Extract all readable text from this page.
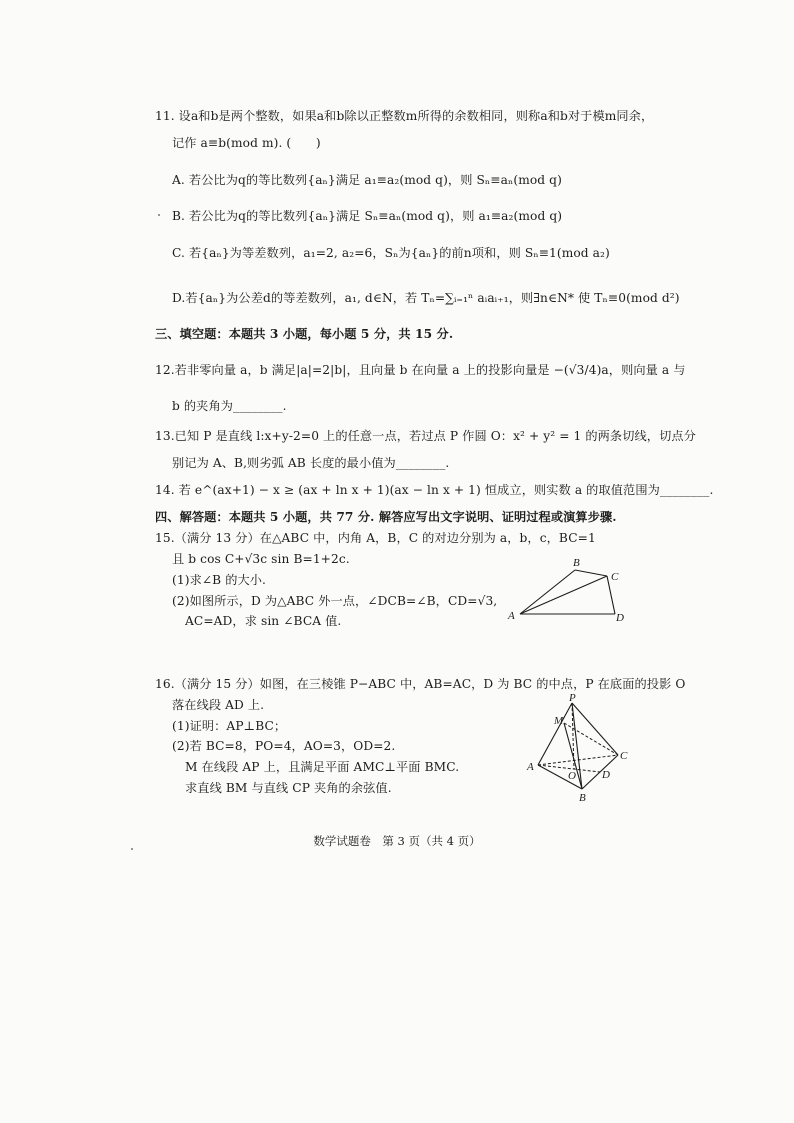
11. 设a和b是两个整数，如果a和b除以正整数m所得的余数相同，则称a和b对于模m同余，
记作 a≡b(mod m). (　　)
A. 若公比为q的等比数列{aₙ}满足 a₁≡a₂(mod q)，则 Sₙ≡aₙ(mod q)
B. 若公比为q的等比数列{aₙ}满足 Sₙ≡aₙ(mod q)，则 a₁≡a₂(mod q)
C. 若{aₙ}为等差数列，a₁=2, a₂=6，Sₙ为{aₙ}的前n项和，则 Sₙ≡1(mod a₂)
D.若{aₙ}为公差d的等差数列，a₁, d∈N，若 Tₙ=∑ᵢ₌₁ⁿ aᵢaᵢ₊₁，则∃n∈N* 使 Tₙ≡0(mod d²)
三、填空题：本题共 3 小题，每小题 5 分，共 15 分.
12.若非零向量 a，b 满足|a|=2|b|，且向量 b 在向量 a 上的投影向量是 −(√3/4)a，则向量 a 与
b 的夹角为________.
13.已知 P 是直线 l:x+y-2=0 上的任意一点，若过点 P 作圆 O：x² + y² = 1 的两条切线，切点分
别记为 A、B,则劣弧 AB 长度的最小值为________.
14. 若 e^(ax+1) − x ≥ (ax + ln x + 1)(ax − ln x + 1) 恒成立，则实数 a 的取值范围为________.
四、解答题：本题共 5 小题，共 77 分. 解答应写出文字说明、证明过程或演算步骤.
15.（满分 13 分）在△ABC 中，内角 A，B，C 的对边分别为 a，b，c，BC=1
且 b cos C+√3c sin B=1+2c.
(1)求∠B 的大小.
(2)如图所示，D 为△ABC 外一点，∠DCB=∠B，CD=√3,
AC=AD，求 sin ∠BCA 值.
B
C
A	D
16.（满分 15 分）如图，在三棱锥 P−ABC 中，AB=AC，D 为 BC 的中点，P 在底面的投影 O
落在线段 AD 上.
(1)证明：AP⊥BC；
(2)若 BC=8，PO=4，AO=3，OD=2.
M 在线段 AP 上，且满足平面 AMC⊥平面 BMC.
求直线 BM 与直线 CP 夹角的余弦值.
P
M
C
A
O D
B
数学试题卷　第 3 页（共 4 页）
